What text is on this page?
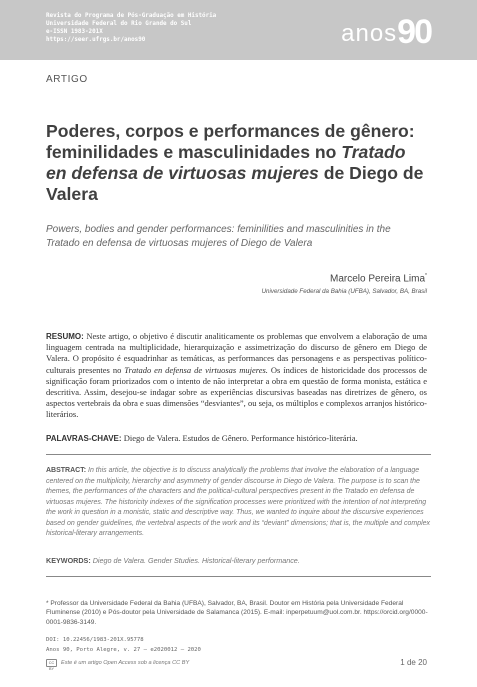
Revista do Programa de Pós-Graduação em História
Universidade Federal do Rio Grande do Sul
e-ISSN 1983-201X
https://seer.ufrgs.br/anos90	anos90
ARTIGO
Poderes, corpos e performances de gênero: feminilidades e masculinidades no Tratado en defensa de virtuosas mujeres de Diego de Valera
Powers, bodies and gender performances: feminilities and masculinities in the Tratado en defensa de virtuosas mujeres of Diego de Valera
Marcelo Pereira Lima*
Universidade Federal da Bahia (UFBA), Salvador, BA, Brasil

RESUMO: Neste artigo, o objetivo é discutir analiticamente os problemas que envolvem a elaboração de uma linguagem centrada na multiplicidade, hierarquização e assimetrização do discurso de gênero em Diego de Valera. O propósito é esquadrinhar as temáticas, as performances das personagens e as perspectivas político-culturais presentes no Tratado en defensa de virtuosas mujeres. Os índices de historicidade dos processos de significação foram priorizados com o intento de não interpretar a obra em questão de forma monista, estática e descritiva. Assim, desejou-se indagar sobre as experiências discursivas baseadas nas diretrizes de gênero, os aspectos vertebrais da obra e suas dimensões “desviantes”, ou seja, os múltiplos e complexos arranjos histórico-literários.

PALAVRAS-CHAVE: Diego de Valera. Estudos de Gênero. Performance histórico-literária.

ABSTRACT: In this article, the objective is to discuss analytically the problems that involve the elaboration of a language centered on the multiplicity, hierarchy and asymmetry of gender discourse in Diego de Valera. The purpose is to scan the themes, the performances of the characters and the political-cultural perspectives present in the Tratado en defensa de virtuosas mujeres. The historicity indexes of the signification processes were prioritized with the intention of not interpreting the work in question in a monistic, static and descriptive way. Thus, we wanted to inquire about the discursive experiences based on gender guidelines, the vertebral aspects of the work and its “deviant” dimensions; that is, the multiple and complex historical-literary arrangements.

KEYWORDS: Diego de Valera. Gender Studies. Historical-literary performance.

* Professor da Universidade Federal da Bahia (UFBA), Salvador, BA, Brasil. Doutor em História pela Universidade Federal Fluminense (2010) e Pós-doutor pela Universidade de Salamanca (2015). E-mail: inperpetuum@uol.com.br. https://orcid.org/0000-0001-9836-3149.

DOI: 10.22456/1983-201X.95778
Anos 90, Porto Alegre, v. 27 – e2020012 – 2020
CC BY
Este é um artigo Open Access sob a licença CC BY	1 de 20
